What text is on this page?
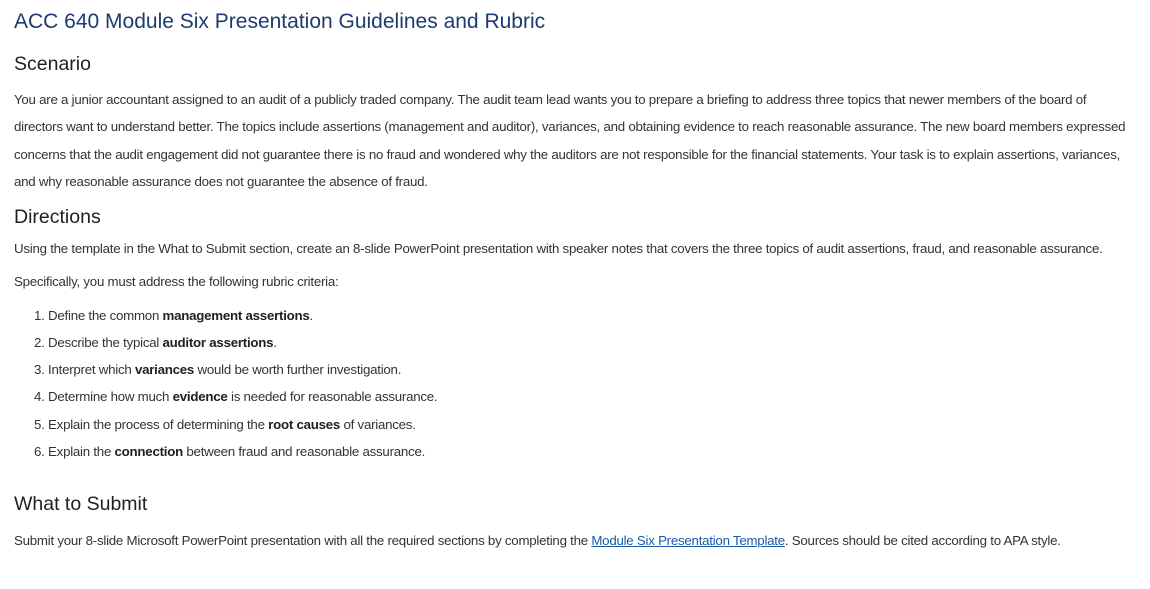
ACC 640 Module Six Presentation Guidelines and Rubric
Scenario

You are a junior accountant assigned to an audit of a publicly traded company. The audit team lead wants you to prepare a briefing to address three topics that newer members of the board of directors want to understand better. The topics include assertions (management and auditor), variances, and obtaining evidence to reach reasonable assurance. The new board members expressed concerns that the audit engagement did not guarantee there is no fraud and wondered why the auditors are not responsible for the financial statements. Your task is to explain assertions, variances, and why reasonable assurance does not guarantee the absence of fraud.

Directions

Using the template in the What to Submit section, create an 8-slide PowerPoint presentation with speaker notes that covers the three topics of audit assertions, fraud, and reasonable assurance.

Specifically, you must address the following rubric criteria:

1. Define the common management assertions.
2. Describe the typical auditor assertions.
3. Interpret which variances would be worth further investigation.
4. Determine how much evidence is needed for reasonable assurance.
5. Explain the process of determining the root causes of variances.
6. Explain the connection between fraud and reasonable assurance.
What to Submit

Submit your 8-slide Microsoft PowerPoint presentation with all the required sections by completing the Module Six Presentation Template. Sources should be cited according to APA style.
